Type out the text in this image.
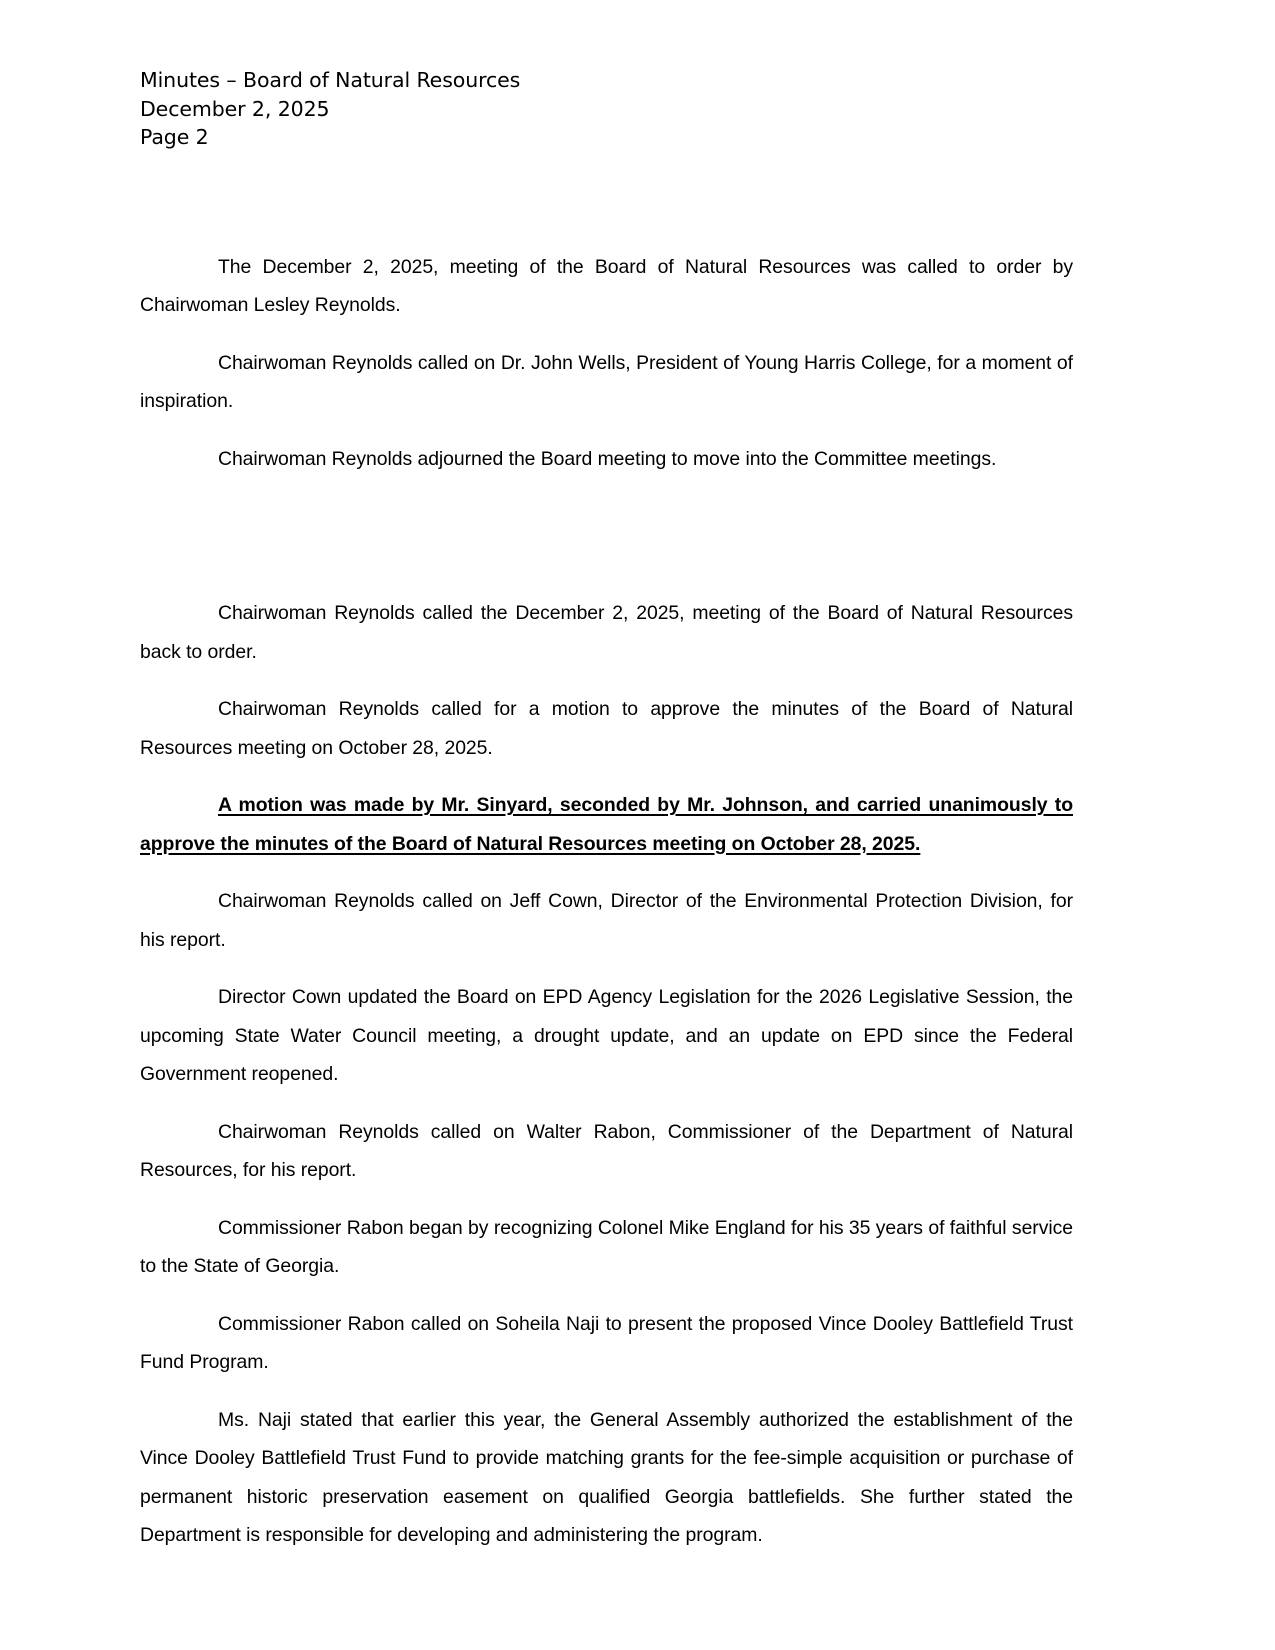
Minutes – Board of Natural Resources
December 2, 2025
Page 2

The December 2, 2025, meeting of the Board of Natural Resources was called to order by Chairwoman Lesley Reynolds.

Chairwoman Reynolds called on Dr. John Wells, President of Young Harris College, for a moment of inspiration.

Chairwoman Reynolds adjourned the Board meeting to move into the Committee meetings.

Chairwoman Reynolds called the December 2, 2025, meeting of the Board of Natural Resources back to order.

Chairwoman Reynolds called for a motion to approve the minutes of the Board of Natural Resources meeting on October 28, 2025.

A motion was made by Mr. Sinyard, seconded by Mr. Johnson, and carried unanimously to approve the minutes of the Board of Natural Resources meeting on October 28, 2025.

Chairwoman Reynolds called on Jeff Cown, Director of the Environmental Protection Division, for his report.

Director Cown updated the Board on EPD Agency Legislation for the 2026 Legislative Session, the upcoming State Water Council meeting, a drought update, and an update on EPD since the Federal Government reopened.

Chairwoman Reynolds called on Walter Rabon, Commissioner of the Department of Natural Resources, for his report.

Commissioner Rabon began by recognizing Colonel Mike England for his 35 years of faithful service to the State of Georgia.

Commissioner Rabon called on Soheila Naji to present the proposed Vince Dooley Battlefield Trust Fund Program.

Ms. Naji stated that earlier this year, the General Assembly authorized the establishment of the Vince Dooley Battlefield Trust Fund to provide matching grants for the fee-simple acquisition or purchase of permanent historic preservation easement on qualified Georgia battlefields. She further stated the Department is responsible for developing and administering the program.
